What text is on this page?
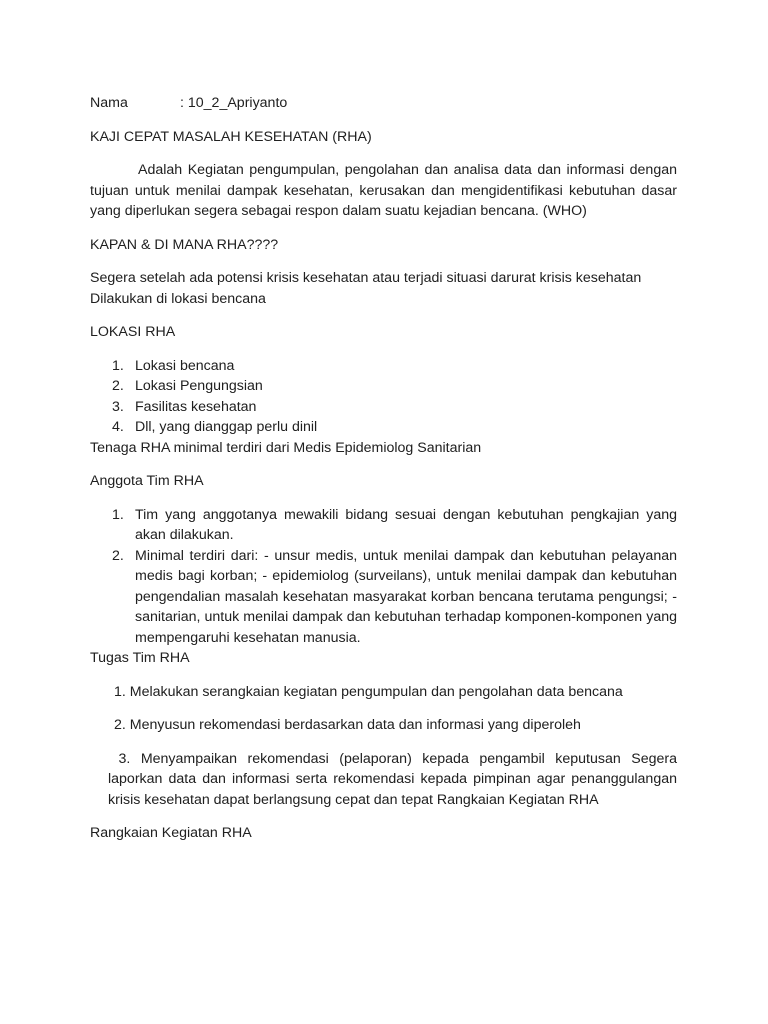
Nama	: 10_2_Apriyanto

KAJI CEPAT MASALAH KESEHATAN (RHA)

Adalah Kegiatan pengumpulan, pengolahan dan analisa data dan informasi dengan tujuan untuk menilai dampak kesehatan, kerusakan dan mengidentifikasi kebutuhan dasar yang diperlukan segera sebagai respon dalam suatu kejadian bencana. (WHO)

KAPAN & DI MANA RHA????

Segera setelah ada potensi krisis kesehatan atau terjadi situasi darurat krisis kesehatan Dilakukan di lokasi bencana

LOKASI RHA

1. Lokasi bencana
2. Lokasi Pengungsian
3. Fasilitas kesehatan
4. Dll, yang dianggap perlu dinil

Tenaga RHA minimal terdiri dari Medis Epidemiolog Sanitarian

Anggota Tim RHA

1. Tim yang anggotanya mewakili bidang sesuai dengan kebutuhan pengkajian yang akan dilakukan.
2. Minimal terdiri dari: - unsur medis, untuk menilai dampak dan kebutuhan pelayanan medis bagi korban; - epidemiolog (surveilans), untuk menilai dampak dan kebutuhan pengendalian masalah kesehatan masyarakat korban bencana terutama pengungsi; - sanitarian, untuk menilai dampak dan kebutuhan terhadap komponen-komponen yang mempengaruhi kesehatan manusia.

Tugas Tim RHA

1. Melakukan serangkaian kegiatan pengumpulan dan pengolahan data bencana

2. Menyusun rekomendasi berdasarkan data dan informasi yang diperoleh

3. Menyampaikan rekomendasi (pelaporan) kepada pengambil keputusan Segera laporkan data dan informasi serta rekomendasi kepada pimpinan agar penanggulangan krisis kesehatan dapat berlangsung cepat dan tepat Rangkaian Kegiatan RHA

Rangkaian Kegiatan RHA
